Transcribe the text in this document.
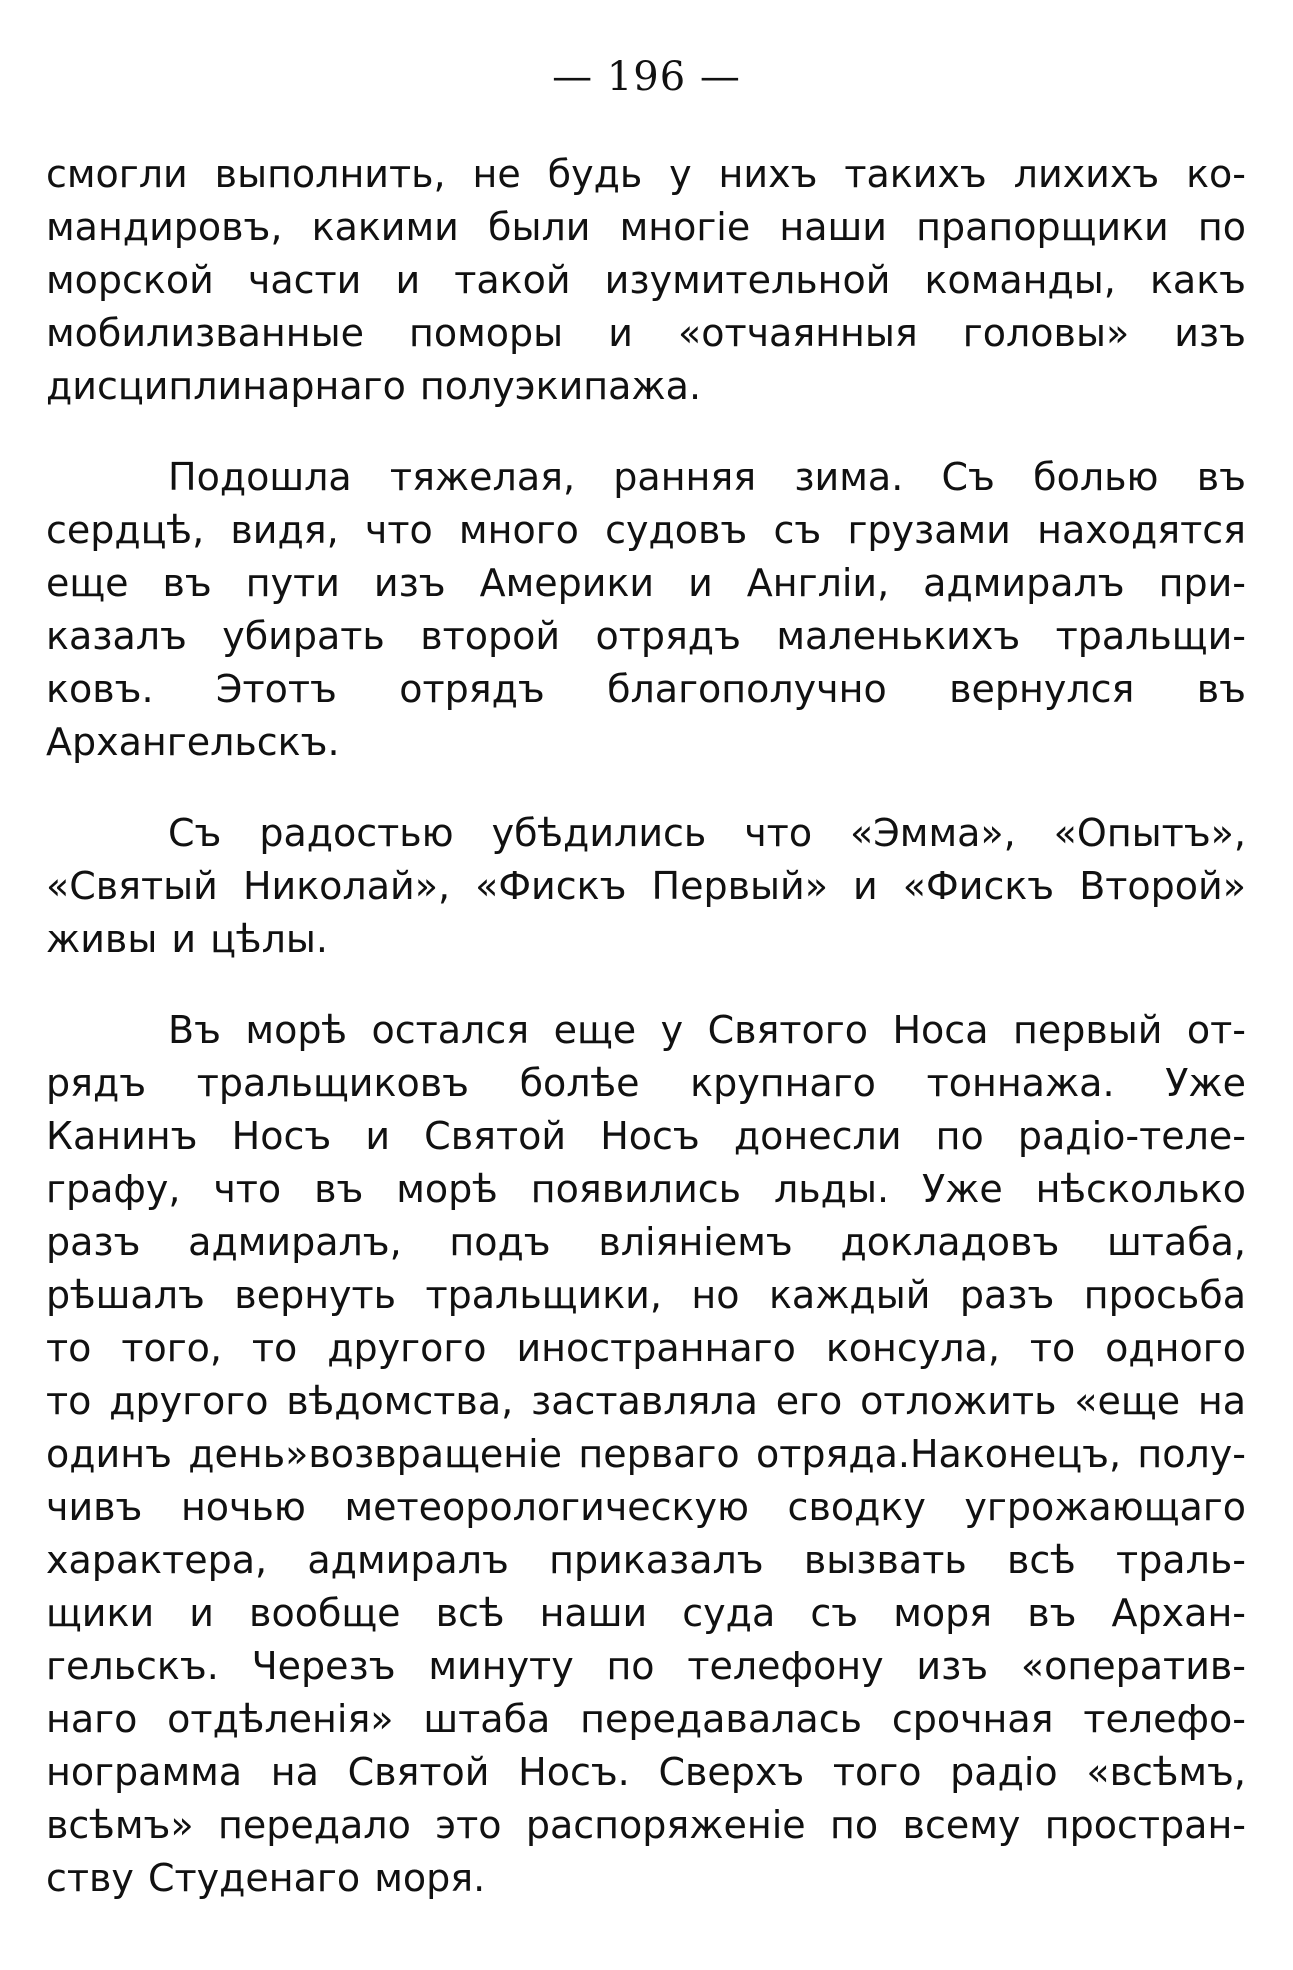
— 196 —

смогли выполнить, не будь у нихъ такихъ лихихъ ко-
мандировъ, какими были многіе наши прапорщики по
морской части и такой изумительной команды, какъ
мобилизванные поморы и «отчаянныя головы» изъ
дисциплинарнаго полуэкипажа.

Подошла тяжелая, ранняя зима. Съ болью въ
сердцѣ, видя, что много судовъ съ грузами находятся
еще въ пути изъ Америки и Англіи, адмиралъ при-
казалъ убирать второй отрядъ маленькихъ тральщи-
ковъ. Этотъ отрядъ благополучно вернулся въ
Архангельскъ.

Съ радостью убѣдились что «Эмма», «Опытъ»,
«Святый Николай», «Фискъ Первый» и «Фискъ Второй»
живы и цѣлы.

Въ морѣ остался еще у Святого Носа первый от-
рядъ тральщиковъ болѣе крупнаго тоннажа. Уже
Канинъ Носъ и Святой Носъ донесли по радіо-теле-
графу, что въ морѣ появились льды. Уже нѣсколько
разъ адмиралъ, подъ вліяніемъ докладовъ штаба,
рѣшалъ вернуть тральщики, но каждый разъ просьба
то того, то другого иностраннаго консула, то одного
то другого вѣдомства, заставляла его отложить «еще на
одинъ день»возвращеніе перваго отряда.Наконецъ, полу-
чивъ ночью метеорологическую сводку угрожающаго
характера, адмиралъ приказалъ вызвать всѣ траль-
щики и вообще всѣ наши суда съ моря въ Архан-
гельскъ. Черезъ минуту по телефону изъ «оператив-
наго отдѣленія» штаба передавалась срочная телефо-
нограмма на Святой Носъ. Сверхъ того радіо «всѣмъ,
всѣмъ» передало это распоряженіе по всему простран-
ству Студенаго моря.
